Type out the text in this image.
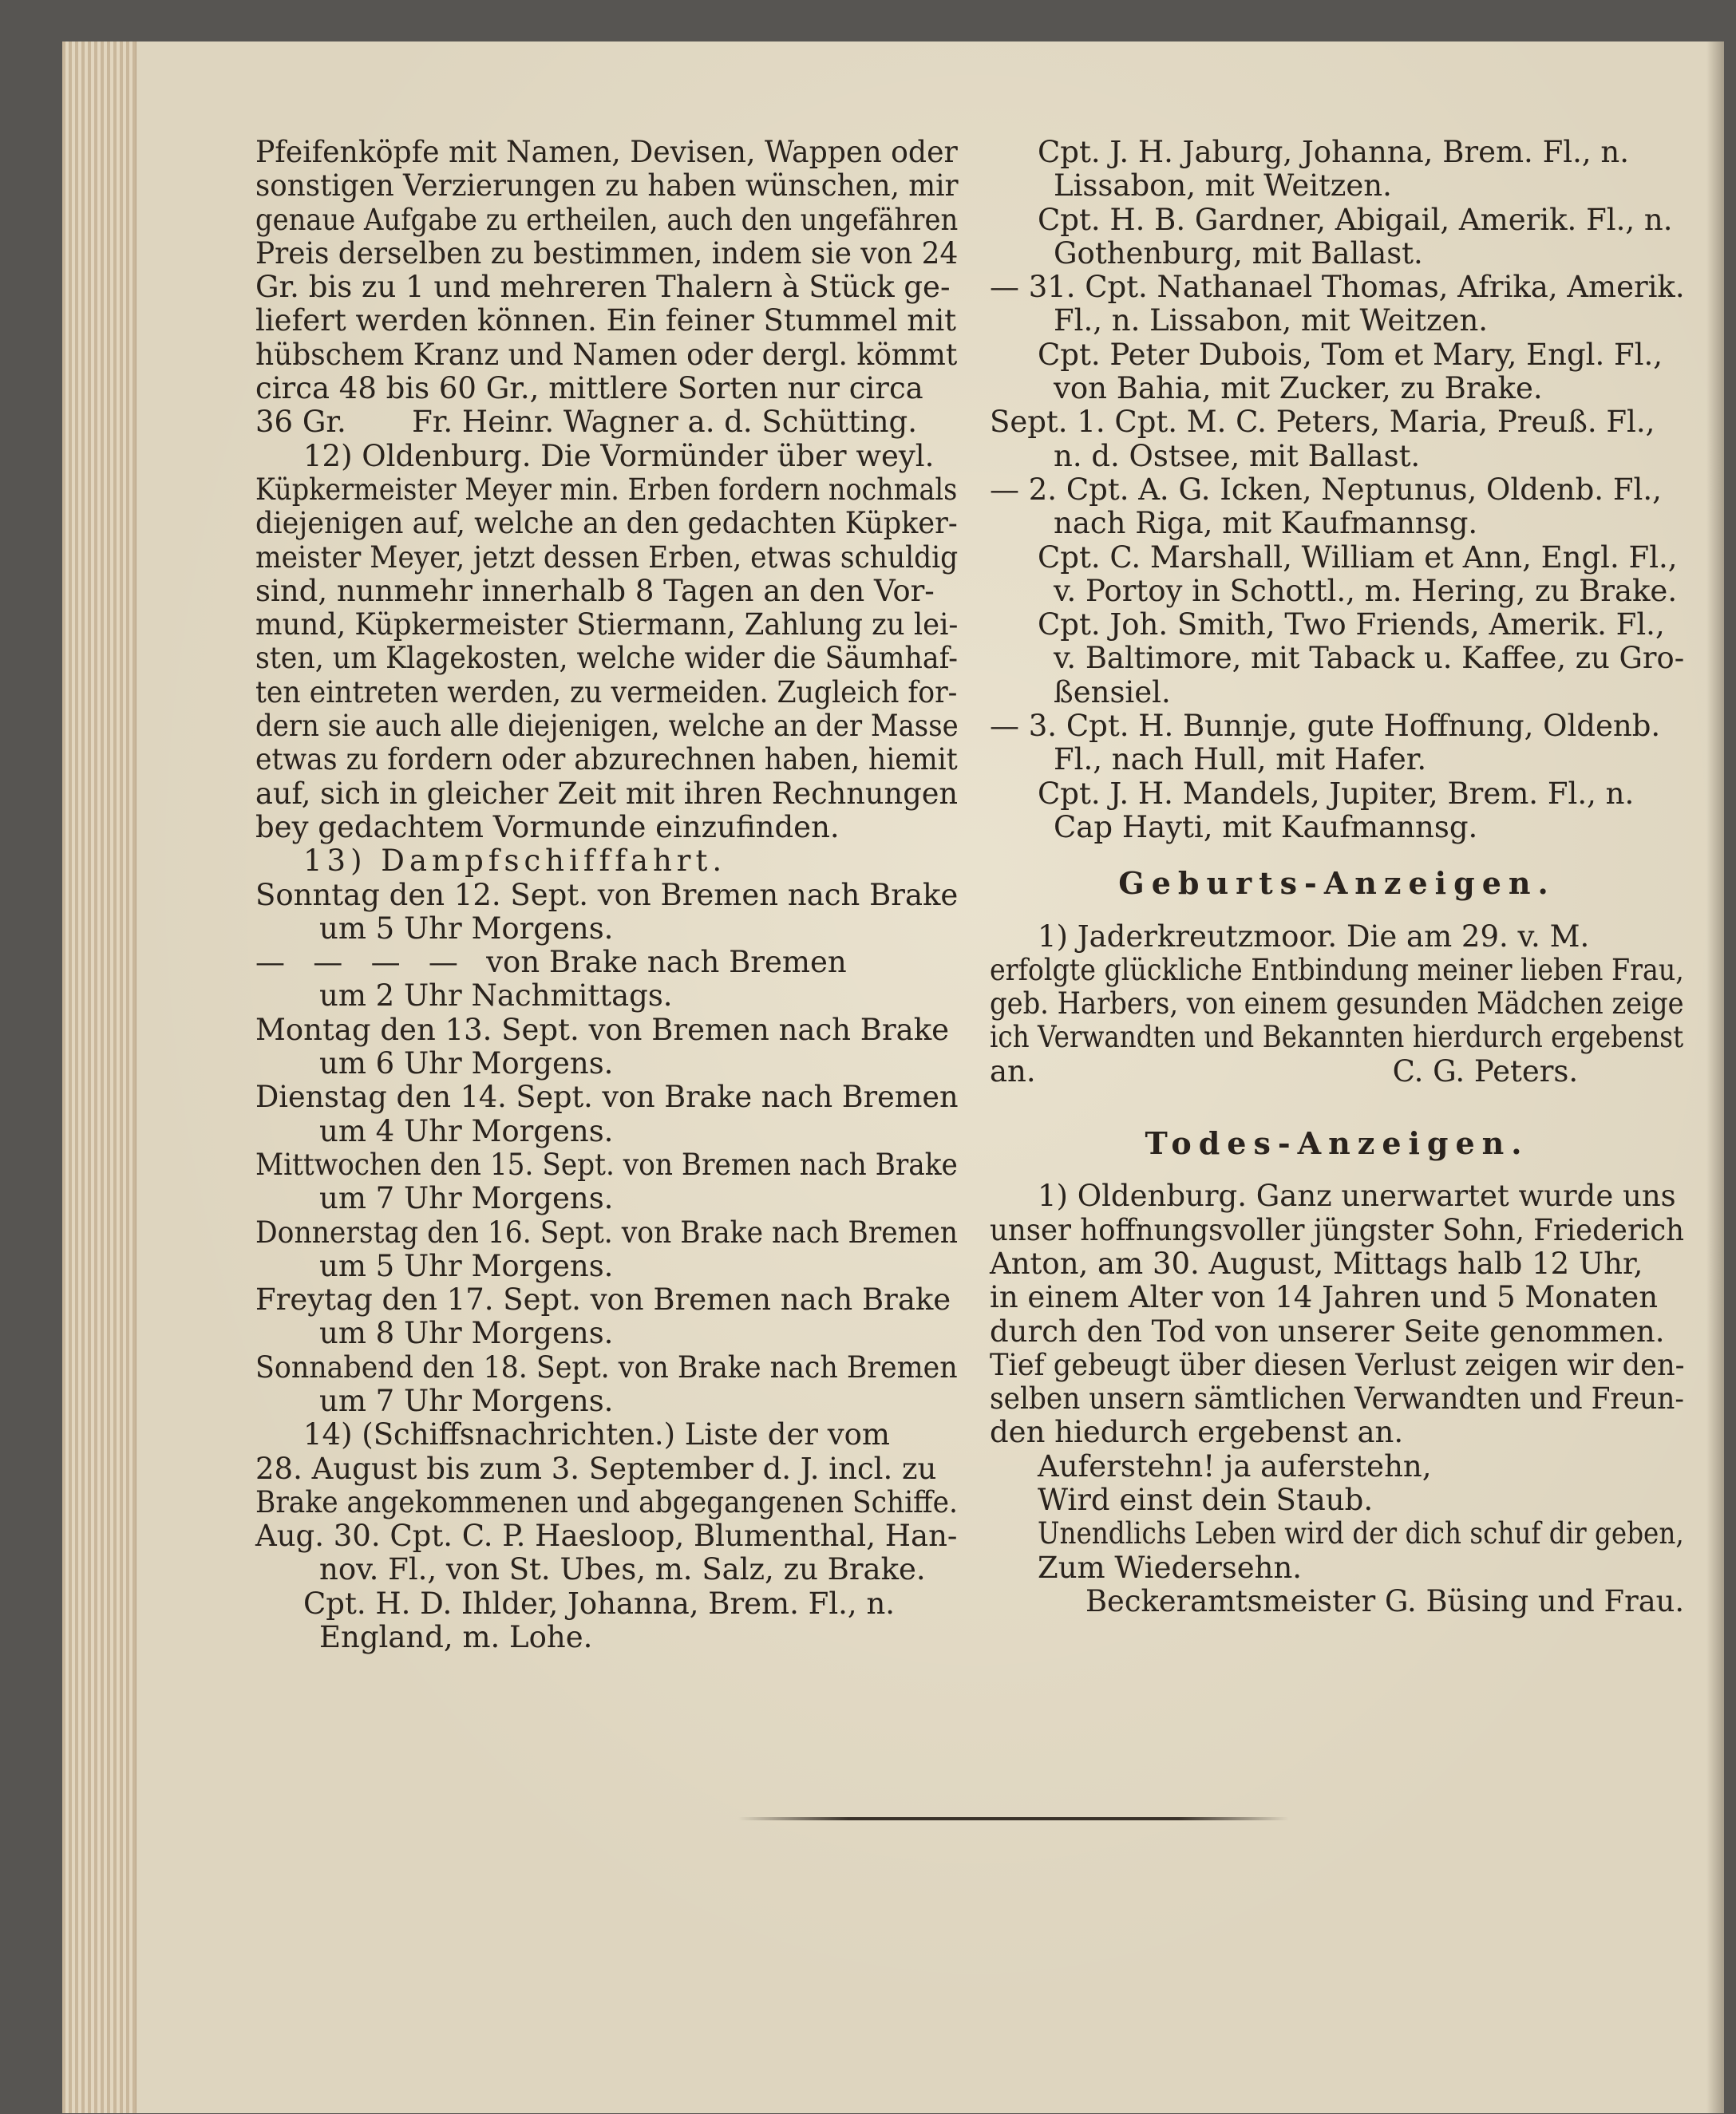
Pfeifenköpfe mit Namen, Devisen, Wappen oder
sonstigen Verzierungen zu haben wünschen, mir
genaue Aufgabe zu ertheilen, auch den ungefähren
Preis derselben zu bestimmen, indem sie von 24
Gr. bis zu 1 und mehreren Thalern à Stück ge-
liefert werden können. Ein feiner Stummel mit
hübschem Kranz und Namen oder dergl. kömmt
circa 48 bis 60 Gr., mittlere Sorten nur circa
36 Gr.       Fr. Heinr. Wagner a. d. Schütting.
12) Oldenburg. Die Vormünder über weyl.
Küpkermeister Meyer min. Erben fordern nochmals
diejenigen auf, welche an den gedachten Küpker-
meister Meyer, jetzt dessen Erben, etwas schuldig
sind, nunmehr innerhalb 8 Tagen an den Vor-
mund, Küpkermeister Stiermann, Zahlung zu lei-
sten, um Klagekosten, welche wider die Säumhaf-
ten eintreten werden, zu vermeiden. Zugleich for-
dern sie auch alle diejenigen, welche an der Masse
etwas zu fordern oder abzurechnen haben, hiemit
auf, sich in gleicher Zeit mit ihren Rechnungen
bey gedachtem Vormunde einzufinden.
13) Dampfschifffahrt.
Sonntag den 12. Sept. von Bremen nach Brake
um 5 Uhr Morgens.
—   —   —   —   von Brake nach Bremen
um 2 Uhr Nachmittags.
Montag den 13. Sept. von Bremen nach Brake
um 6 Uhr Morgens.
Dienstag den 14. Sept. von Brake nach Bremen
um 4 Uhr Morgens.
Mittwochen den 15. Sept. von Bremen nach Brake
um 7 Uhr Morgens.
Donnerstag den 16. Sept. von Brake nach Bremen
um 5 Uhr Morgens.
Freytag den 17. Sept. von Bremen nach Brake
um 8 Uhr Morgens.
Sonnabend den 18. Sept. von Brake nach Bremen
um 7 Uhr Morgens.
14) (Schiffsnachrichten.) Liste der vom
28. August bis zum 3. September d. J. incl. zu
Brake angekommenen und abgegangenen Schiffe.
Aug. 30. Cpt. C. P. Haesloop, Blumenthal, Han-
nov. Fl., von St. Ubes, m. Salz, zu Brake.
Cpt. H. D. Ihlder, Johanna, Brem. Fl., n.
England, m. Lohe.
Cpt. J. H. Jaburg, Johanna, Brem. Fl., n.
Lissabon, mit Weitzen.
Cpt. H. B. Gardner, Abigail, Amerik. Fl., n.
Gothenburg, mit Ballast.
— 31. Cpt. Nathanael Thomas, Afrika, Amerik.
Fl., n. Lissabon, mit Weitzen.
Cpt. Peter Dubois, Tom et Mary, Engl. Fl.,
von Bahia, mit Zucker, zu Brake.
Sept. 1. Cpt. M. C. Peters, Maria, Preuß. Fl.,
n. d. Ostsee, mit Ballast.
— 2. Cpt. A. G. Icken, Neptunus, Oldenb. Fl.,
nach Riga, mit Kaufmannsg.
Cpt. C. Marshall, William et Ann, Engl. Fl.,
v. Portoy in Schottl., m. Hering, zu Brake.
Cpt. Joh. Smith, Two Friends, Amerik. Fl.,
v. Baltimore, mit Taback u. Kaffee, zu Gro-
ßensiel.
— 3. Cpt. H. Bunnje, gute Hoffnung, Oldenb.
Fl., nach Hull, mit Hafer.
Cpt. J. H. Mandels, Jupiter, Brem. Fl., n.
Cap Hayti, mit Kaufmannsg.
Geburts-Anzeigen.
1) Jaderkreutzmoor. Die am 29. v. M.
erfolgte glückliche Entbindung meiner lieben Frau,
geb. Harbers, von einem gesunden Mädchen zeige
ich Verwandten und Bekannten hierdurch ergebenst
an.                                      C. G. Peters.
Todes-Anzeigen.
1) Oldenburg. Ganz unerwartet wurde uns
unser hoffnungsvoller jüngster Sohn, Friederich
Anton, am 30. August, Mittags halb 12 Uhr,
in einem Alter von 14 Jahren und 5 Monaten
durch den Tod von unserer Seite genommen.
Tief gebeugt über diesen Verlust zeigen wir den-
selben unsern sämtlichen Verwandten und Freun-
den hiedurch ergebenst an.
Auferstehn! ja auferstehn,
Wird einst dein Staub.
Unendlichs Leben wird der dich schuf dir geben,
Zum Wiedersehn.
Beckeramtsmeister G. Büsing und Frau.
